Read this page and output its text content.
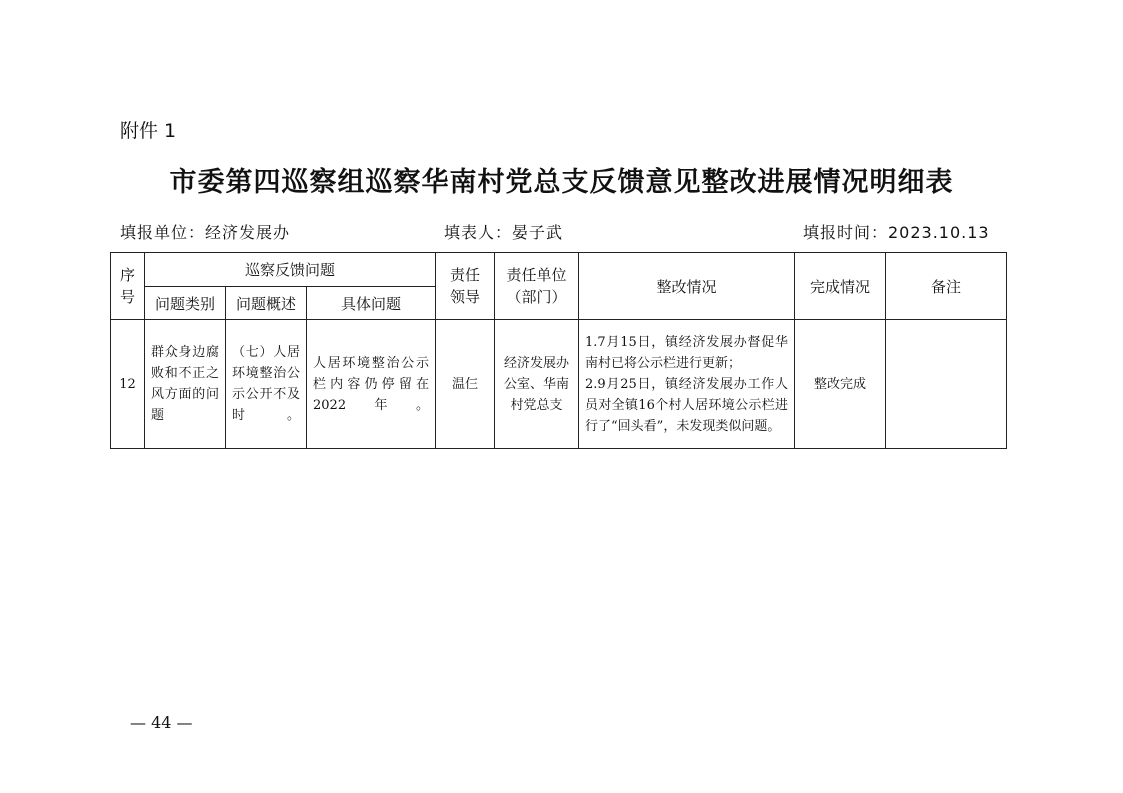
附件 1
市委第四巡察组巡察华南村党总支反馈意见整改进展情况明细表
填报单位：经济发展办	填表人：晏子武	填报时间：2023.10.13
序号	巡察反馈问题			责任领导	责任单位（部门）	整改情况	完成情况	备注
	问题类别	问题概述	具体问题					
12	群众身边腐败和不正之风方面的问题	（七）人居环境整治公示公开不及时。	人居环境整治公示栏内容仍停留在2022年。	温仨	经济发展办公室、华南村党总支	1.7月15日，镇经济发展办督促华南村已将公示栏进行更新；

2.9月25日，镇经济发展办工作人员对全镇16个村人居环境公示栏进行了“回头看”，未发现类似问题。	整改完成	
— 44 —
